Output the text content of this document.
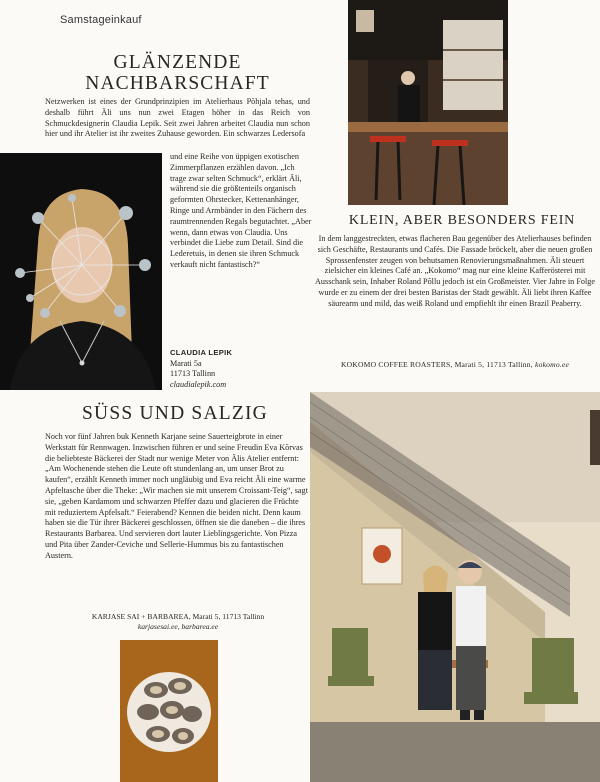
Samstageinkauf
GLÄNZENDE
NACHBARSCHAFT
Netzwerken ist eines der Grundprinzipien im Atelierhaus Põhjala tehas, und deshalb führt Äli uns nun zwei Etagen höher in das Reich von Schmuckdesignerin Claudia Lepik. Seit zwei Jahren arbeitet Claudia nun schon hier und ihr Atelier ist ihr zweites Zuhause geworden. Ein schwarzes Ledersofa
und eine Reihe von üppigen exotischen Zimmerpflanzen erzählen davon. „Ich trage zwar selten Schmuck“, erklärt Äli, während sie die größtenteils organisch geformten Ohrstecker, Kettenanhänger, Ringe und Armbänder in den Fächern des raumtrennenden Regals begutachtet. „Aber wenn, dann etwas von Claudia. Uns verbindet die Liebe zum Detail. Sind die Lederetuis, in denen sie ihren Schmuck verkauft nicht fantastisch?“
CLAUDIA LEPIK
Marati 5a
11713 Tallinn
claudialepik.com
KLEIN, ABER BESONDERS FEIN
In dem langgestreckten, etwas flacheren Bau gegenüber des Atelierhauses befinden sich Geschäfte, Restaurants und Cafés. Die Fassade bröckelt, aber die neuen großen Sprossenfenster zeugen von behutsamen Renovierungsmaßnahmen. Äli steuert zielsicher ein kleines Café an. „Kokomo“ mag nur eine kleine Kafferösterei mit Ausschank sein, Inhaber Roland Põllu jedoch ist ein Großmeister. Vier Jahre in Folge wurde er zu einem der drei besten Baristas der Stadt gewählt. Äli liebt ihren Kaffee säurearm und mild, das weiß Roland und empfiehlt ihr einen Brazil Peaberry.
KOKOMO COFFEE ROASTERS, Marati 5, 11713 Tallinn, kokomo.ee
SÜSS UND SALZIG
Noch vor fünf Jahren buk Kenneth Karjane seine Sauerteigbrote in einer Werkstatt für Rennwagen. Inzwischen führen er und seine Freudin Eva Kõrvas die beliebteste Bäckerei der Stadt nur wenige Meter von Älis Atelier entfernt: „Am Wochenende stehen die Leute oft stundenlang an, um unser Brot zu kaufen“, erzählt Kenneth immer noch ungläubig und Eva reicht Äli eine warme Apfeltasche über die Theke: „Wir machen sie mit unserem Croissant-Teig“, sagt sie, „geben Kardamom und schwarzen Pfeffer dazu und glacieren die Früchte mit reduziertem Apfelsaft.“ Feierabend? Kennen die beiden nicht. Denn kaum haben sie die Tür ihrer Bäckerei geschlossen, öffnen sie die daneben – die ihres Restaurants Barbarea. Und servieren dort lauter Lieblingsgerichte. Von Pizza und Pita über Zander-Ceviche und Sellerie-Hummus bis zu fantastischen Austern.
KARJASE SAI + BARBAREA, Marati 5, 11713 Tallinn
karjasesai.ee, barbarea.ee
